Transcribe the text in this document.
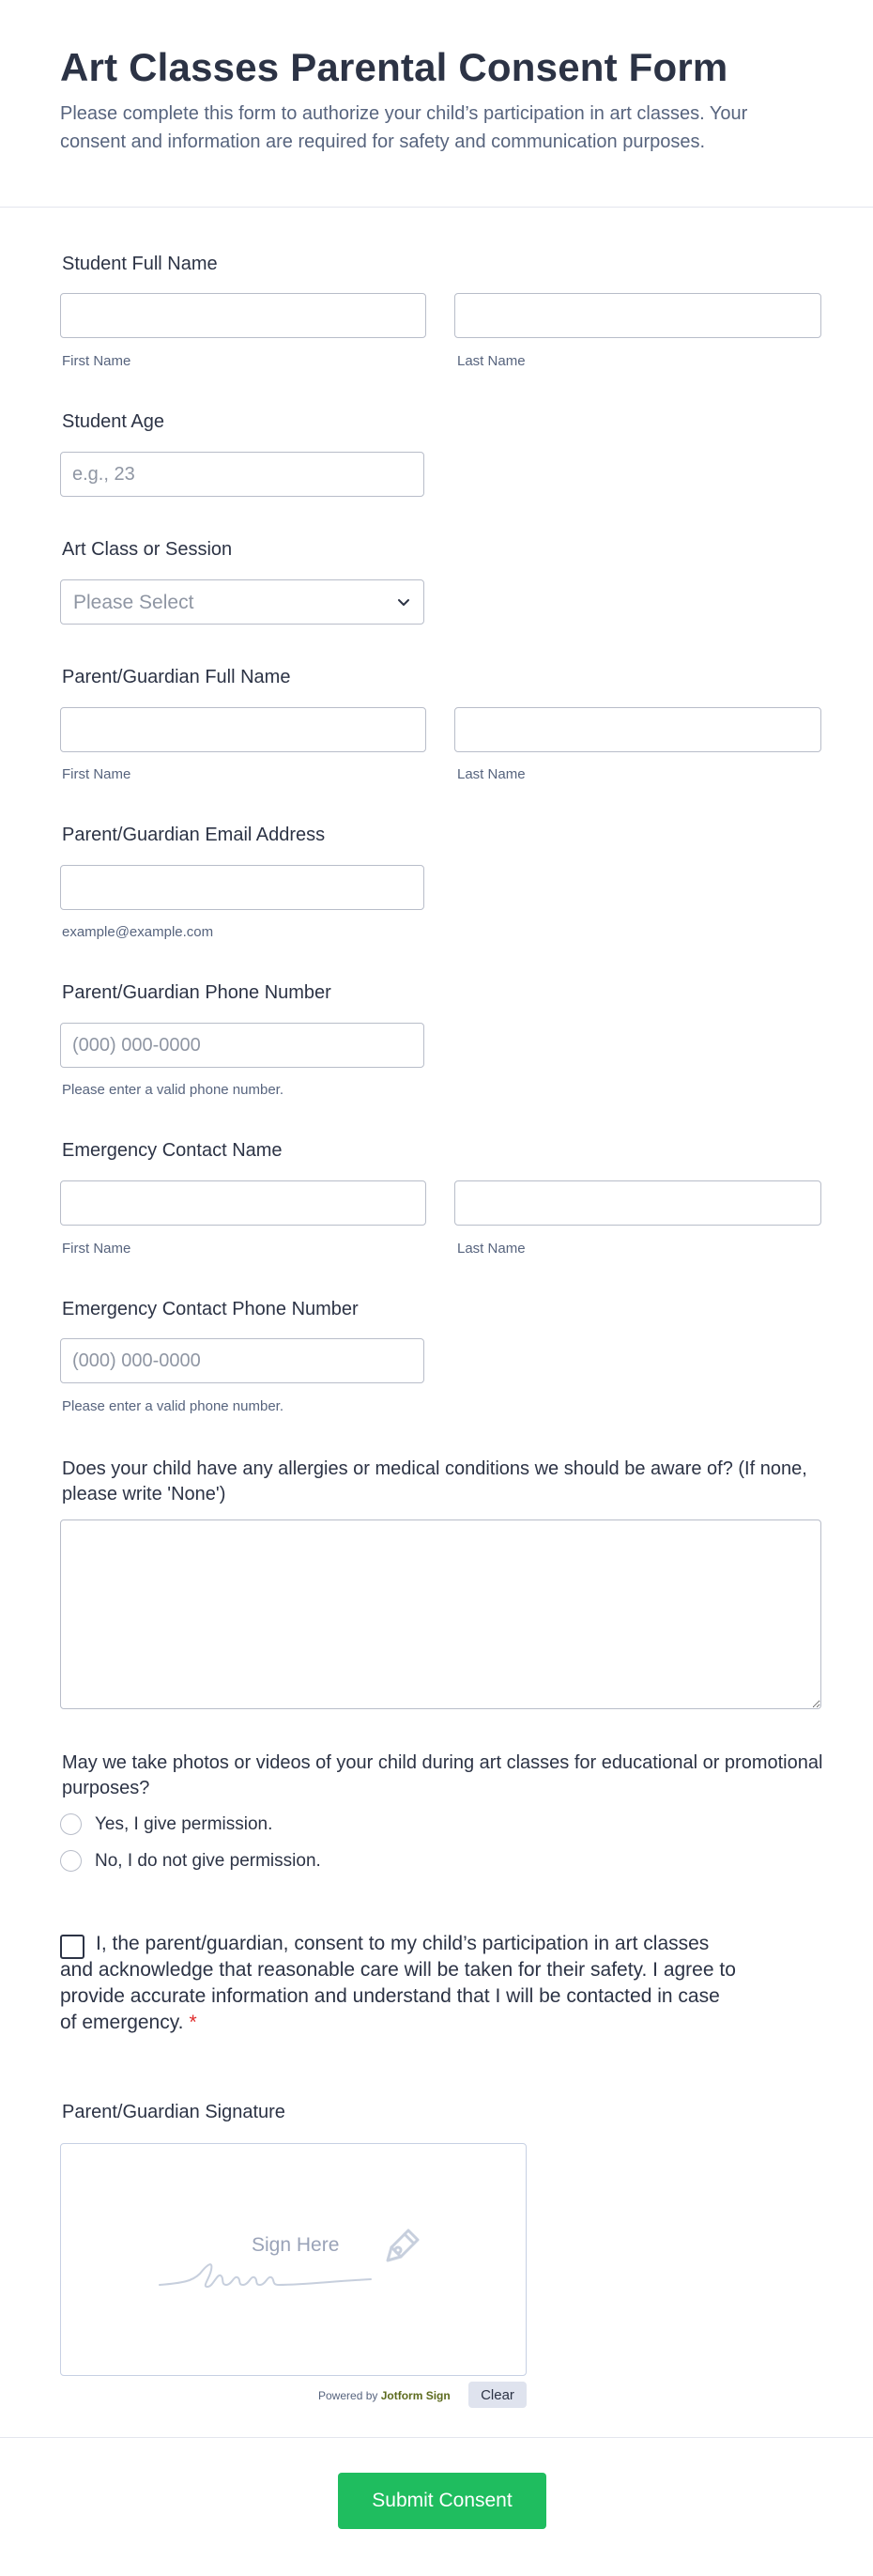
Art Classes Parental Consent Form

Please complete this form to authorize your child’s participation in art classes. Your consent and information are required for safety and communication purposes.

Student Full Name
First Name	Last Name
Student Age
e.g., 23
Art Class or Session
Please Select
Parent/Guardian Full Name
First Name	Last Name
Parent/Guardian Email Address
example@example.com
Parent/Guardian Phone Number
(000) 000-0000
Please enter a valid phone number.
Emergency Contact Name
First Name	Last Name
Emergency Contact Phone Number
(000) 000-0000
Please enter a valid phone number.
Does your child have any allergies or medical conditions we should be aware of? (If none, please write 'None')
May we take photos or videos of your child during art classes for educational or promotional purposes?
Yes, I give permission.
No, I do not give permission.
I, the parent/guardian, consent to my child’s participation in art classes and acknowledge that reasonable care will be taken for their safety. I agree to provide accurate information and understand that I will be contacted in case of emergency. *
Parent/Guardian Signature
Sign Here
Powered by Jotform Sign	Clear
Submit Consent
